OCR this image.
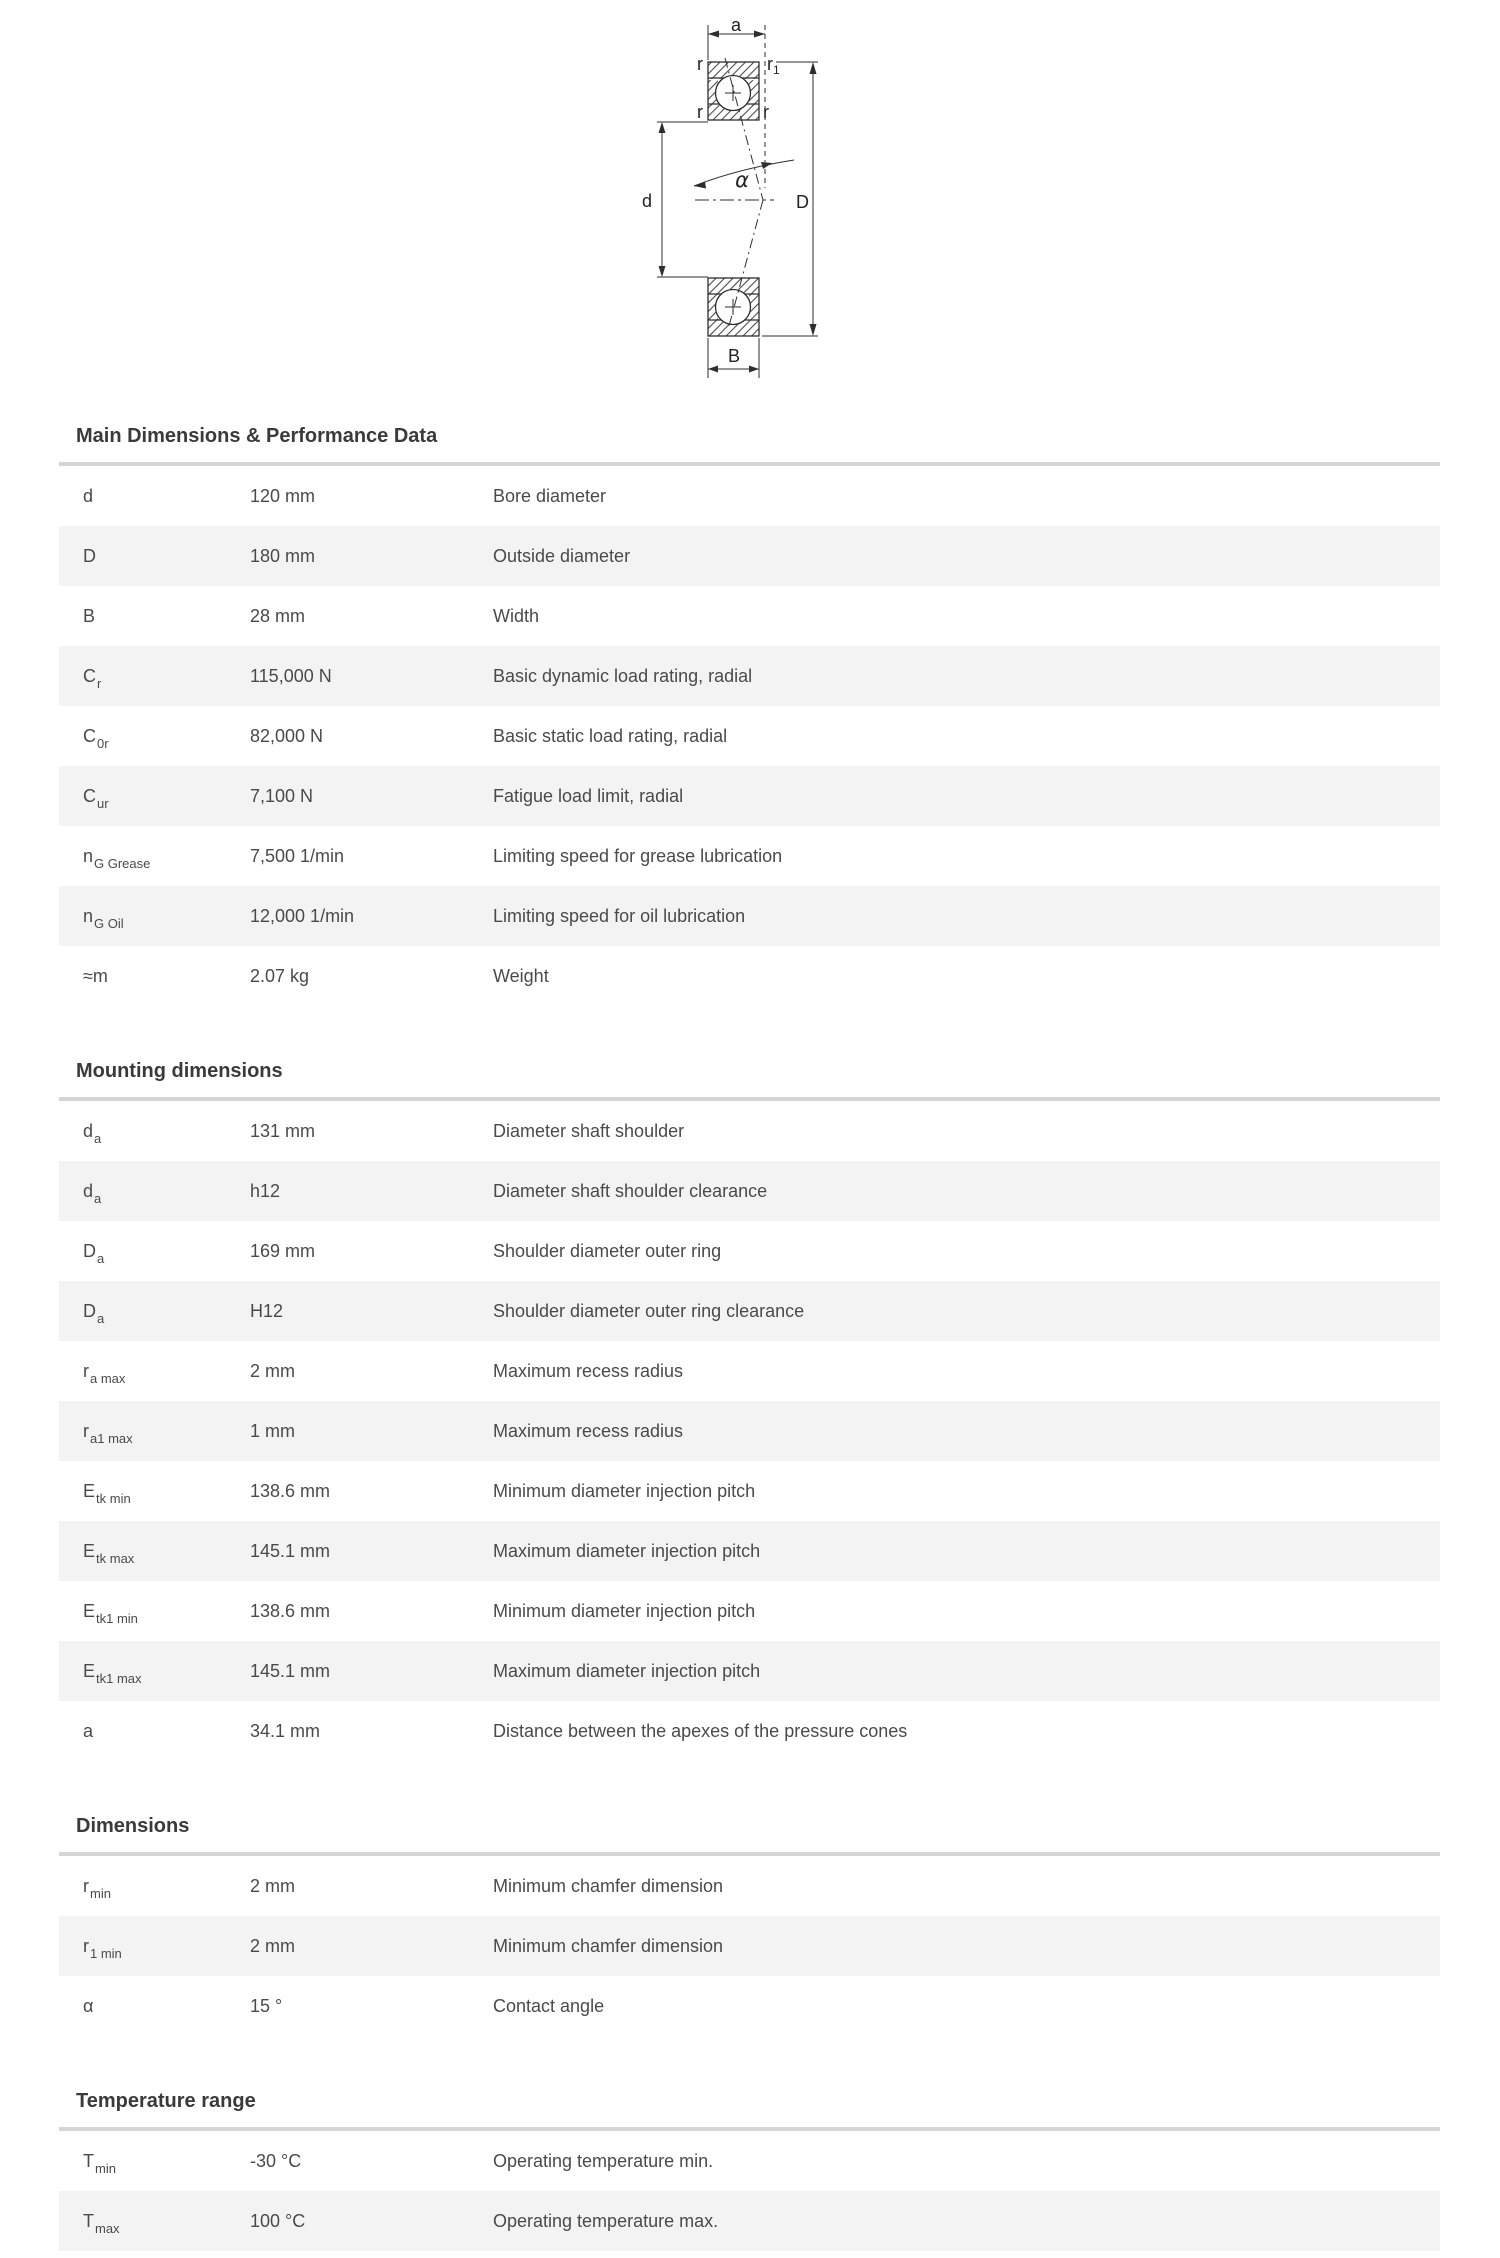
a
r	$r_1$
r	r
d	D
α
B
Main Dimensions & Performance Data
d	120 mm	Bore diameter
D	180 mm	Outside diameter
B	28 mm	Width
$C_r$	115,000 N	Basic dynamic load rating, radial
$C_{0r}$	82,000 N	Basic static load rating, radial
$C_{ur}$	7,100 N	Fatigue load limit, radial
$n_{G Grease}$	7,500 1/min	Limiting speed for grease lubrication
$n_{G Oil}$	12,000 1/min	Limiting speed for oil lubrication
≈m	2.07 kg	Weight
Mounting dimensions
$d_a$	131 mm	Diameter shaft shoulder
$d_a$	h12	Diameter shaft shoulder clearance
$D_a$	169 mm	Shoulder diameter outer ring
$D_a$	H12	Shoulder diameter outer ring clearance
$r_{a max}$	2 mm	Maximum recess radius
$r_{a1 max}$	1 mm	Maximum recess radius
$E_{tk min}$	138.6 mm	Minimum diameter injection pitch
$E_{tk max}$	145.1 mm	Maximum diameter injection pitch
$E_{tk1 min}$	138.6 mm	Minimum diameter injection pitch
$E_{tk1 max}$	145.1 mm	Maximum diameter injection pitch
a	34.1 mm	Distance between the apexes of the pressure cones
Dimensions
$r_{min}$	2 mm	Minimum chamfer dimension
$r_{1 min}$	2 mm	Minimum chamfer dimension
α	15 °	Contact angle
Temperature range
$T_{min}$	-30 °C	Operating temperature min.
$T_{max}$	100 °C	Operating temperature max.
